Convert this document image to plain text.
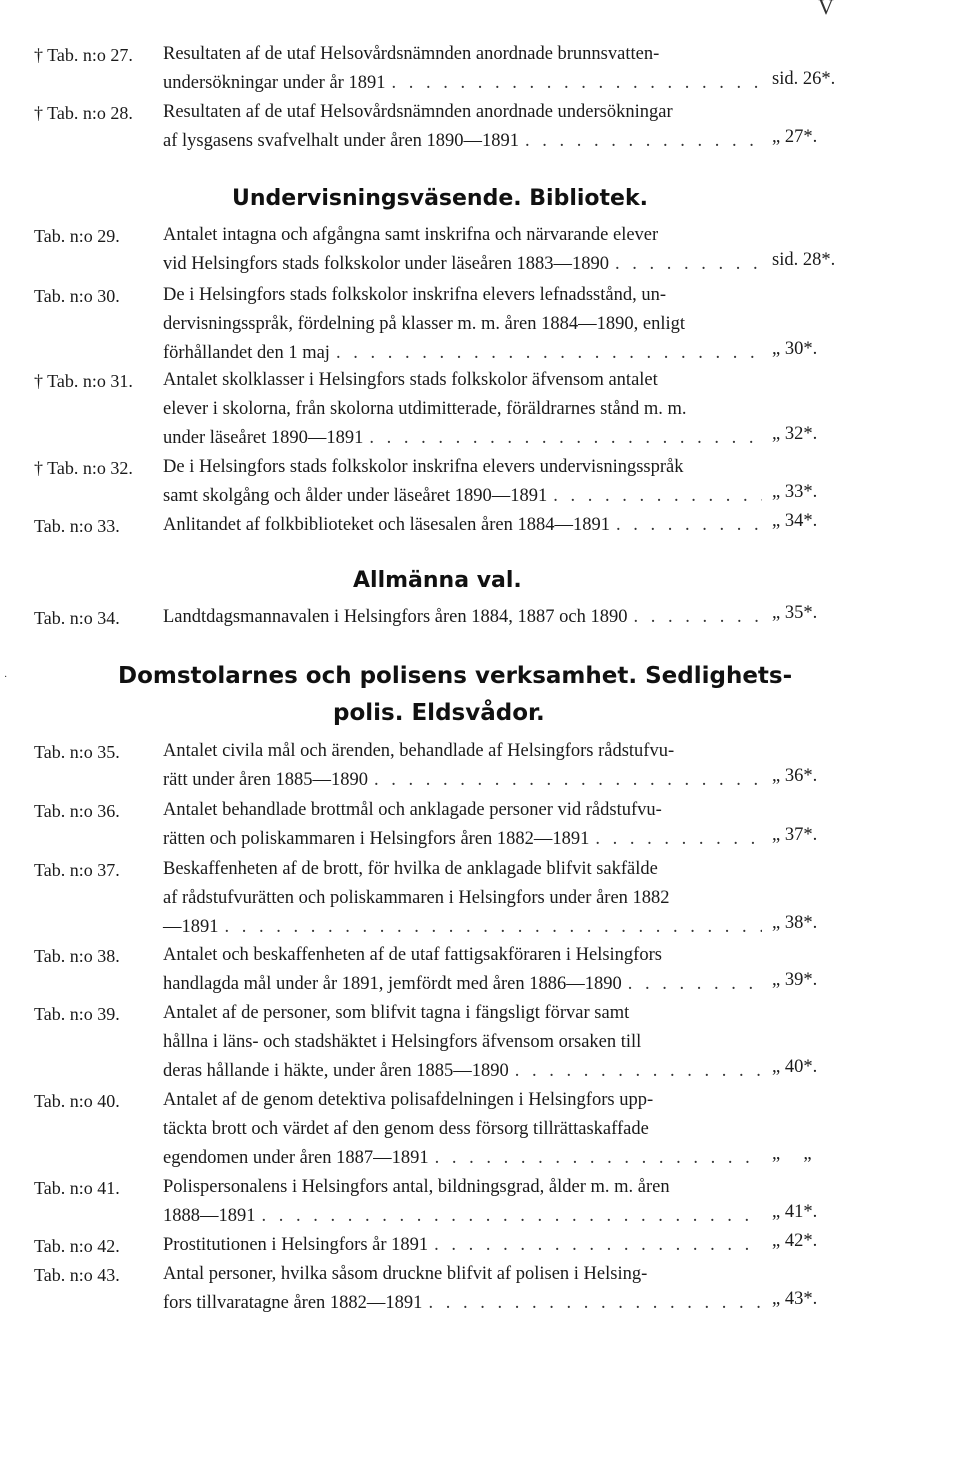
V
† Tab. n:o 27. Resultaten af de utaf Helsovårdsnämnden anordnade brunnsvatten-
undersökningar under år 1891 . . .	sid. 26*.
† Tab. n:o 28. Resultaten af de utaf Helsovårdsnämnden anordnade undersökningar
af lysgasens svafvelhalt under åren 1890—1891 . . .	„ 27*.
Undervisningsväsende. Bibliotek.
Tab. n:o 29. Antalet intagna och afgångna samt inskrifna och närvarande elever
vid Helsingfors stads folkskolor under läseåren 1883—1890 . . .	sid. 28*.
Tab. n:o 30. De i Helsingfors stads folkskolor inskrifna elevers lefnadsstånd, un-
dervisningsspråk, fördelning på klasser m. m. åren 1884—1890, enligt
förhållandet den 1 maj . . .	„ 30*.
† Tab. n:o 31. Antalet skolklasser i Helsingfors stads folkskolor äfvensom antalet
elever i skolorna, från skolorna utdimitterade, föräldrarnes stånd m. m.
under läseåret 1890—1891 . . .	„ 32*.
† Tab. n:o 32. De i Helsingfors stads folkskolor inskrifna elevers undervisningsspråk
samt skolgång och ålder under läseåret 1890—1891 . . .	„ 33*.
Tab. n:o 33. Anlitandet af folkbiblioteket och läsesalen åren 1884—1891 . . .	„ 34*.
Allmänna val.
Tab. n:o 34. Landtdagsmannavalen i Helsingfors åren 1884, 1887 och 1890 . . .	„ 35*.
·	Domstolarnes och polisens verksamhet. Sedlighets-
polis. Eldsvådor.
Tab. n:o 35. Antalet civila mål och ärenden, behandlade af Helsingfors rådstufvu-
rätt under åren 1885—1890 . . .	„ 36*.
Tab. n:o 36. Antalet behandlade brottmål och anklagade personer vid rådstufvu-
rätten och poliskammaren i Helsingfors åren 1882—1891 . . .	„ 37*.
Tab. n:o 37. Beskaffenheten af de brott, för hvilka de anklagade blifvit sakfälde
af rådstufvurätten och poliskammaren i Helsingfors under åren 1882
—1891 . . .	„ 38*.
Tab. n:o 38. Antalet och beskaffenheten af de utaf fattigsakföraren i Helsingfors
handlagda mål under år 1891, jemfördt med åren 1886—1890 . . .	„ 39*.
Tab. n:o 39. Antalet af de personer, som blifvit tagna i fängsligt förvar samt
hållna i läns- och stadshäktet i Helsingfors äfvensom orsaken till
deras hållande i häkte, under åren 1885—1890 . . .	„ 40*.
Tab. n:o 40. Antalet af de genom detektiva polisafdelningen i Helsingfors upp-
täckta brott och värdet af den genom dess försorg tillrättaskaffade
egendomen under åren 1887—1891 . . .	„ „
Tab. n:o 41. Polispersonalens i Helsingfors antal, bildningsgrad, ålder m. m. åren
1888—1891 . . .	„ 41*.
Tab. n:o 42. Prostitutionen i Helsingfors år 1891 . . .	„ 42*.
Tab. n:o 43. Antal personer, hvilka såsom druckne blifvit af polisen i Helsing-
fors tillvaratagne åren 1882—1891 . . .	„ 43*.
